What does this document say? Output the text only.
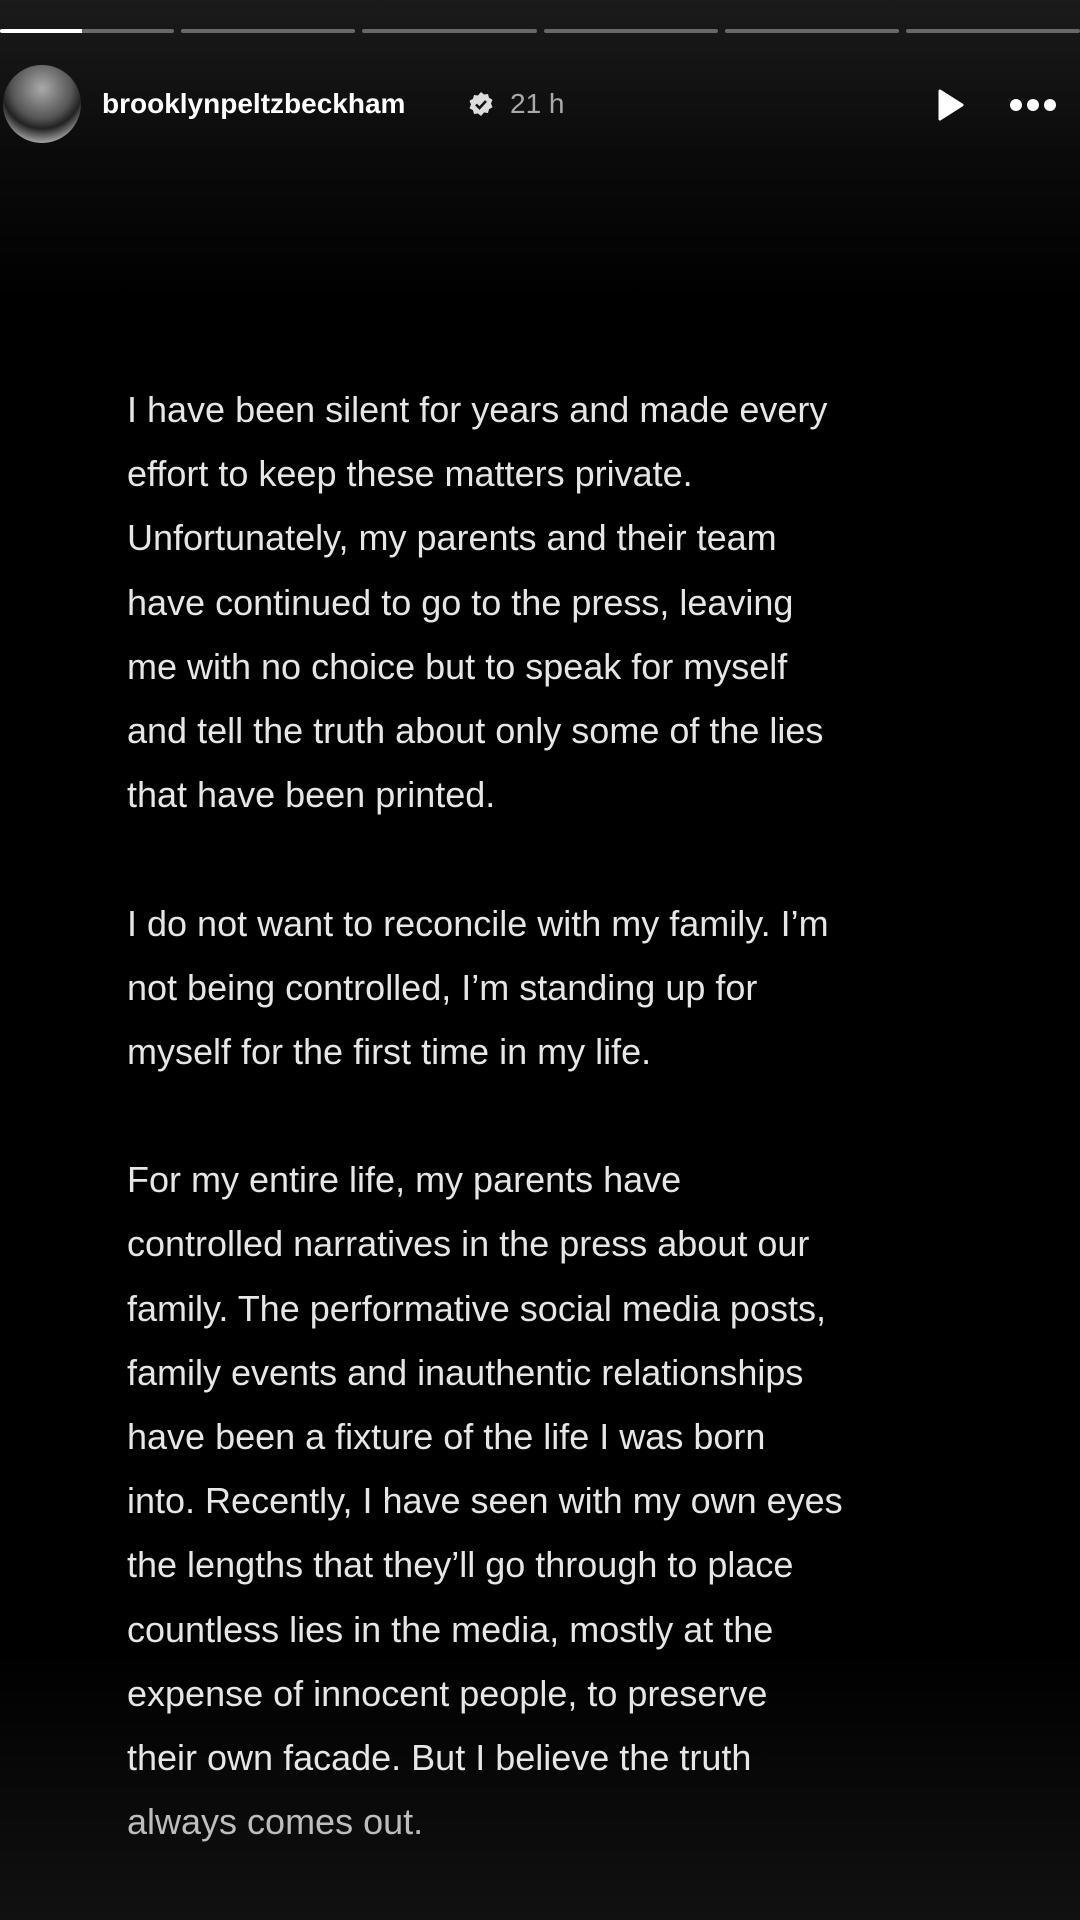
brooklynpeltzbeckham	21 h
I have been silent for years and made every
effort to keep these matters private.
Unfortunately, my parents and their team
have continued to go to the press, leaving
me with no choice but to speak for myself
and tell the truth about only some of the lies
that have been printed.
I do not want to reconcile with my family. I’m
not being controlled, I’m standing up for
myself for the first time in my life.
For my entire life, my parents have
controlled narratives in the press about our
family. The performative social media posts,
family events and inauthentic relationships
have been a fixture of the life I was born
into. Recently, I have seen with my own eyes
the lengths that they’ll go through to place
countless lies in the media, mostly at the
expense of innocent people, to preserve
their own facade. But I believe the truth
always comes out.
